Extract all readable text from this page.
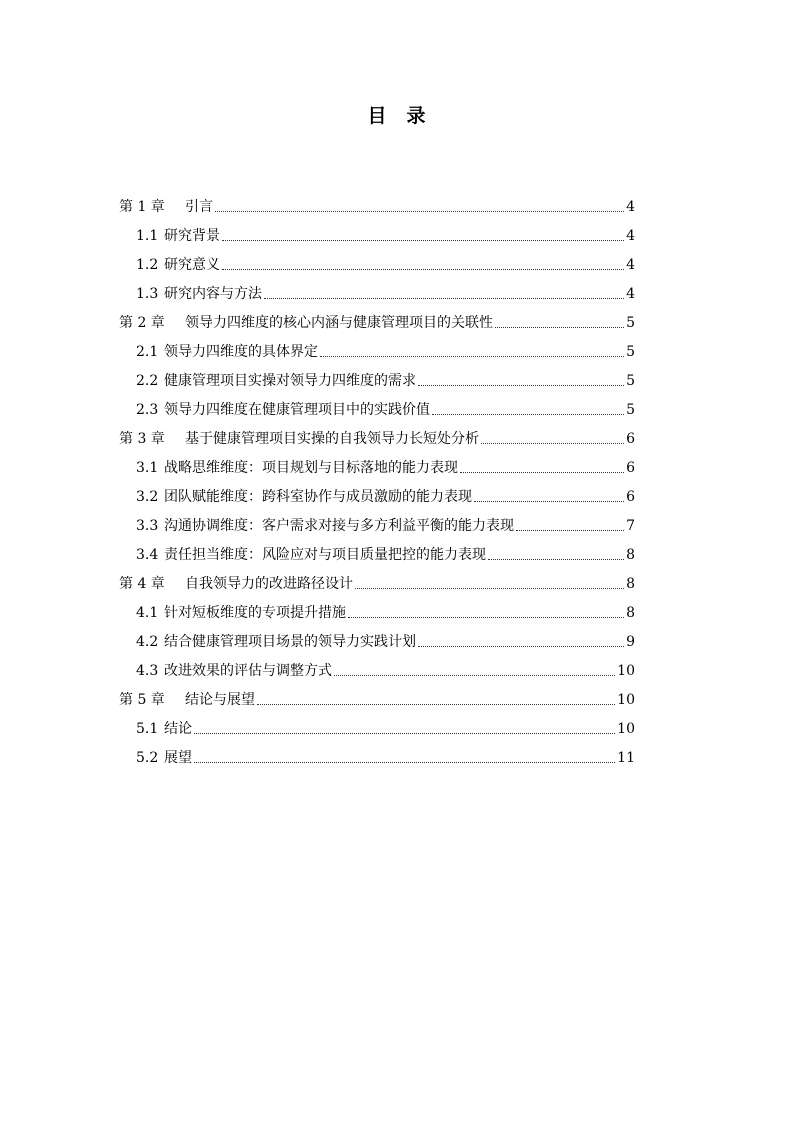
目 录
第 1 章	引言	4
1.1 研究背景	4
1.2 研究意义	4
1.3 研究内容与方法	4
第 2 章	领导力四维度的核心内涵与健康管理项目的关联性	5
2.1 领导力四维度的具体界定	5
2.2 健康管理项目实操对领导力四维度的需求	5
2.3 领导力四维度在健康管理项目中的实践价值	5
第 3 章	基于健康管理项目实操的自我领导力长短处分析	6
3.1 战略思维维度：项目规划与目标落地的能力表现	6
3.2 团队赋能维度：跨科室协作与成员激励的能力表现	6
3.3 沟通协调维度：客户需求对接与多方利益平衡的能力表现	7
3.4 责任担当维度：风险应对与项目质量把控的能力表现	8
第 4 章	自我领导力的改进路径设计	8
4.1 针对短板维度的专项提升措施	8
4.2 结合健康管理项目场景的领导力实践计划	9
4.3 改进效果的评估与调整方式	10
第 5 章	结论与展望	10
5.1 结论	10
5.2 展望	11
